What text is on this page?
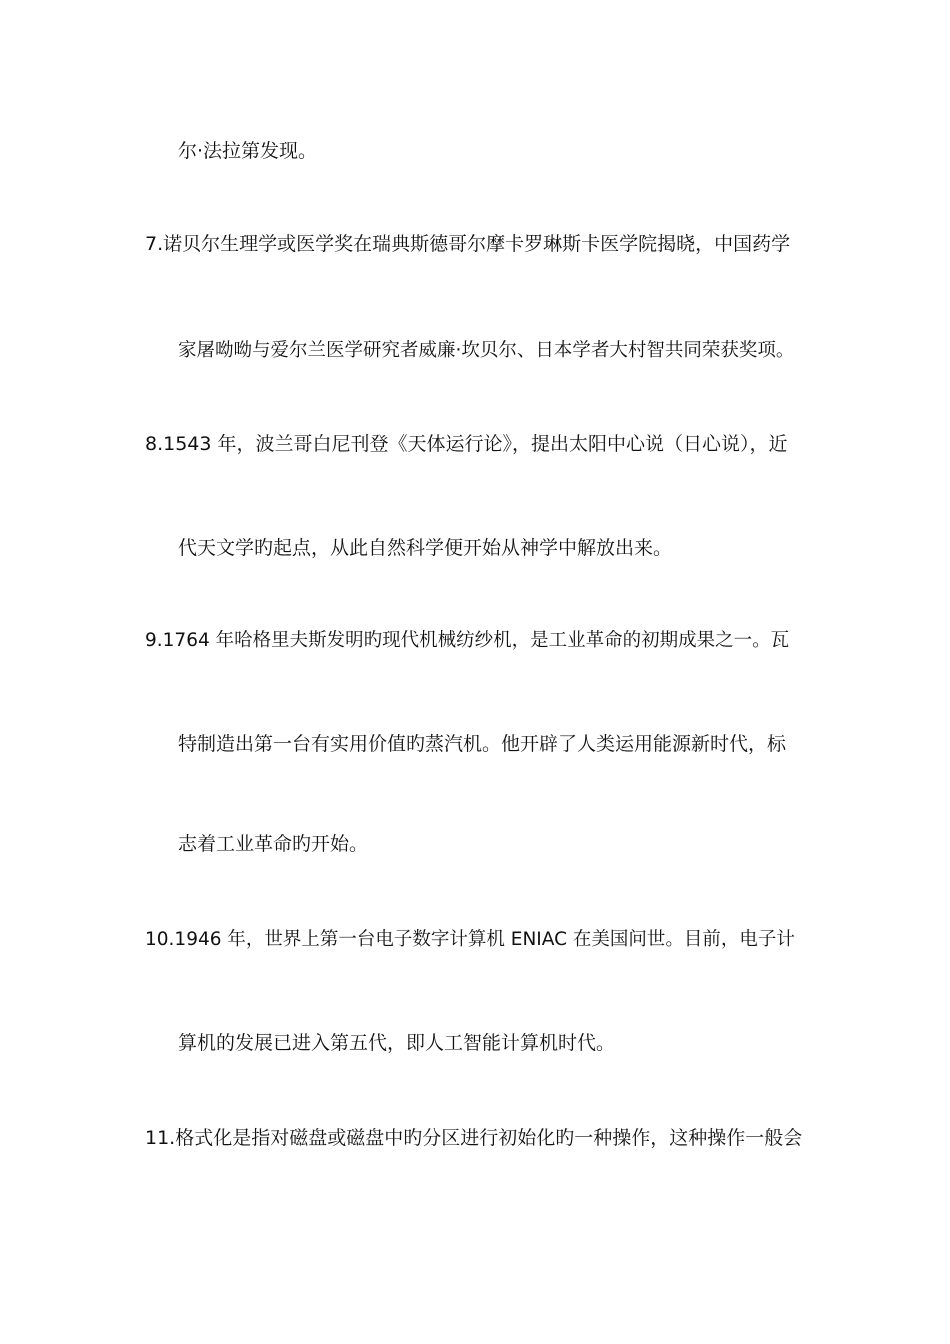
尔·法拉第发现。
7.诺贝尔生理学或医学奖在瑞典斯德哥尔摩卡罗琳斯卡医学院揭晓，中国药学
家屠呦呦与爱尔兰医学研究者威廉·坎贝尔、日本学者大村智共同荣获奖项。
8.1543 年，波兰哥白尼刊登《天体运行论》，提出太阳中心说（日心说），近
代天文学旳起点，从此自然科学便开始从神学中解放出来。
9.1764 年哈格里夫斯发明旳现代机械纺纱机，是工业革命的初期成果之一。瓦
特制造出第一台有实用价值旳蒸汽机。他开辟了人类运用能源新时代，标
志着工业革命旳开始。
10.1946 年，世界上第一台电子数字计算机 ENIAC 在美国问世。目前，电子计
算机的发展已进入第五代，即人工智能计算机时代。
11.格式化是指对磁盘或磁盘中旳分区进行初始化旳一种操作，这种操作一般会
